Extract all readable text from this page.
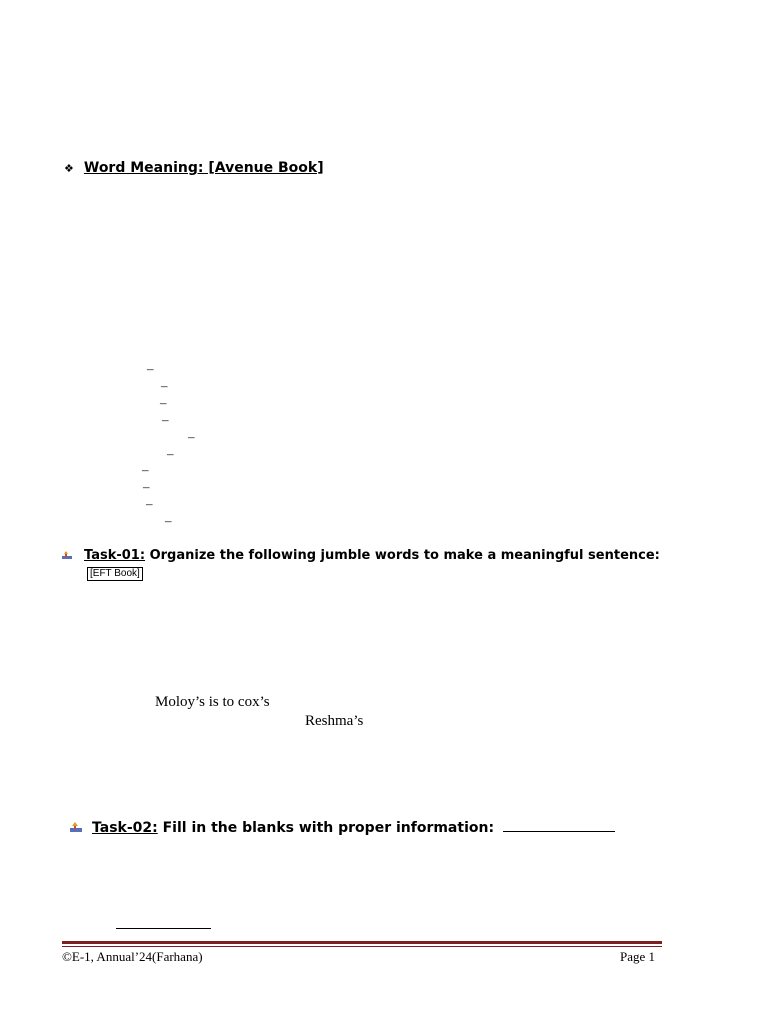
❖ Word Meaning: [Avenue Book]
–
–
–
–
–
–
–
–
–
–
Task-01: Organize the following jumble words to make a meaningful sentence:
[EFT Book]
Moloy’s is to cox’s
Reshma’s
Task-02: Fill in the blanks with proper information:
©E-1, Annual’24(Farhana)	Page 1
